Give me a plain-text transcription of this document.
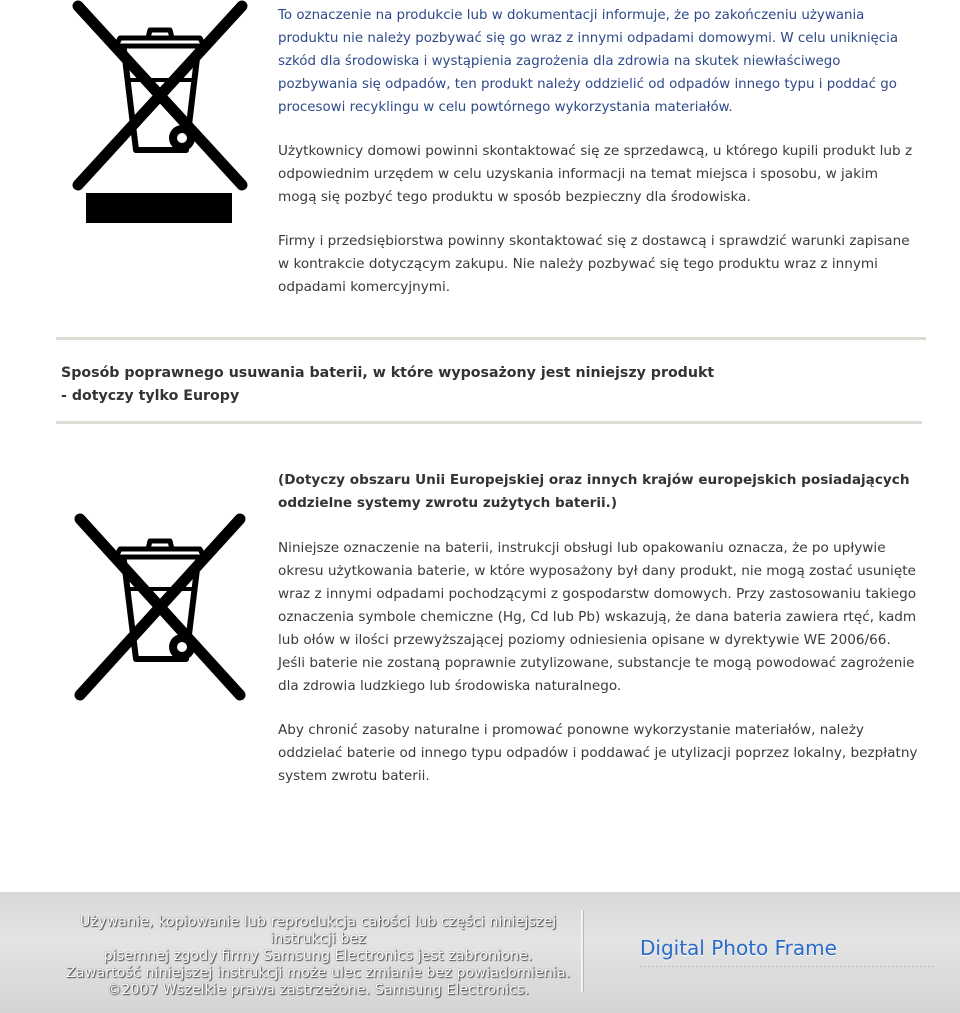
To oznaczenie na produkcie lub w dokumentacji informuje, że po zakończeniu używania produktu nie należy pozbywać się go wraz z innymi odpadami domowymi. W celu uniknięcia szkód dla środowiska i wystąpienia zagrożenia dla zdrowia na skutek niewłaściwego pozbywania się odpadów, ten produkt należy oddzielić od odpadów innego typu i poddać go procesowi recyklingu w celu powtórnego wykorzystania materiałów.

Użytkownicy domowi powinni skontaktować się ze sprzedawcą, u którego kupili produkt lub z odpowiednim urzędem w celu uzyskania informacji na temat miejsca i sposobu, w jakim mogą się pozbyć tego produktu w sposób bezpieczny dla środowiska.

Firmy i przedsiębiorstwa powinny skontaktować się z dostawcą i sprawdzić warunki zapisane w kontrakcie dotyczącym zakupu. Nie należy pozbywać się tego produktu wraz z innymi odpadami komercyjnymi.

Sposób poprawnego usuwania baterii, w które wyposażony jest niniejszy produkt

- dotyczy tylko Europy

(Dotyczy obszaru Unii Europejskiej oraz innych krajów europejskich posiadających oddzielne systemy zwrotu zużytych baterii.)

Niniejsze oznaczenie na baterii, instrukcji obsługi lub opakowaniu oznacza, że po upływie okresu użytkowania baterie, w które wyposażony był dany produkt, nie mogą zostać usunięte wraz z innymi odpadami pochodzącymi z gospodarstw domowych. Przy zastosowaniu takiego oznaczenia symbole chemiczne (Hg, Cd lub Pb) wskazują, że dana bateria zawiera rtęć, kadm lub ołów w ilości przewyższającej poziomy odniesienia opisane w dyrektywie WE 2006/66. Jeśli baterie nie zostaną poprawnie zutylizowane, substancje te mogą powodować zagrożenie dla zdrowia ludzkiego lub środowiska naturalnego.

Aby chronić zasoby naturalne i promować ponowne wykorzystanie materiałów, należy oddzielać baterie od innego typu odpadów i poddawać je utylizacji poprzez lokalny, bezpłatny system zwrotu baterii.

Używanie, kopiowanie lub reprodukcja całości lub części niniejszej instrukcji bez
pisemnej zgody firmy Samsung Electronics jest zabronione.
Zawartość niniejszej instrukcji może ulec zmianie bez powiadomienia.
©2007 Wszelkie prawa zastrzeżone. Samsung Electronics.
Digital Photo Frame
